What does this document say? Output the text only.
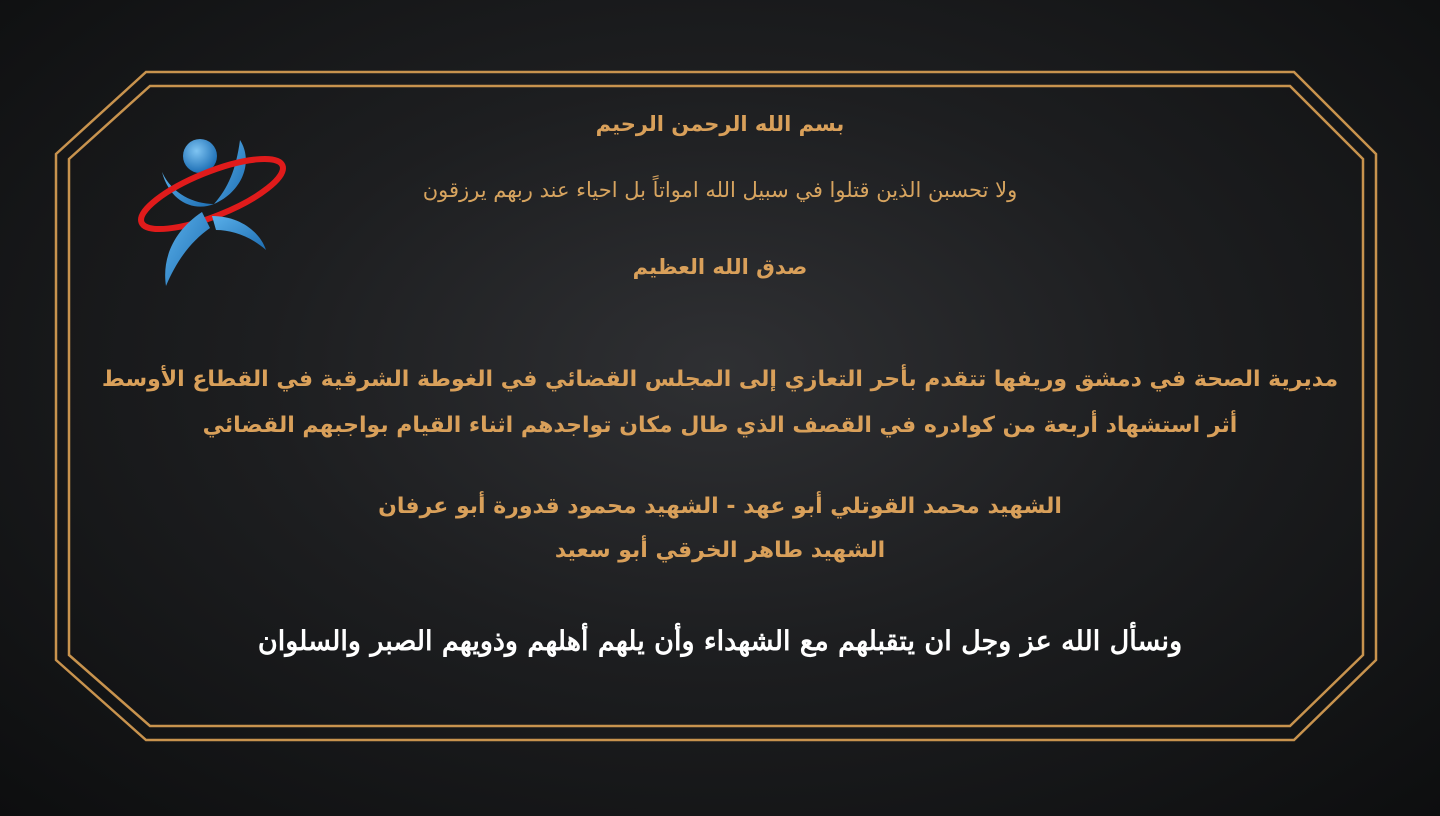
بسم الله الرحمن الرحيم
ولا تحسبن الذين قتلوا في سبيل الله امواتاً بل احياء عند ربهم يرزقون
صدق الله العظيم
مديرية الصحة في دمشق وريفها تتقدم بأحر التعازي إلى المجلس القضائي في الغوطة الشرقية في القطاع الأوسط
أثر استشهاد أربعة من كوادره في القصف الذي طال مكان تواجدهم اثناء القيام بواجبهم القضائي
الشهيد محمد القوتلي أبو عهد - الشهيد محمود قدورة أبو عرفان
الشهيد طاهر الخرقي أبو سعيد
ونسأل الله عز وجل ان يتقبلهم مع الشهداء وأن يلهم أهلهم وذويهم الصبر والسلوان
